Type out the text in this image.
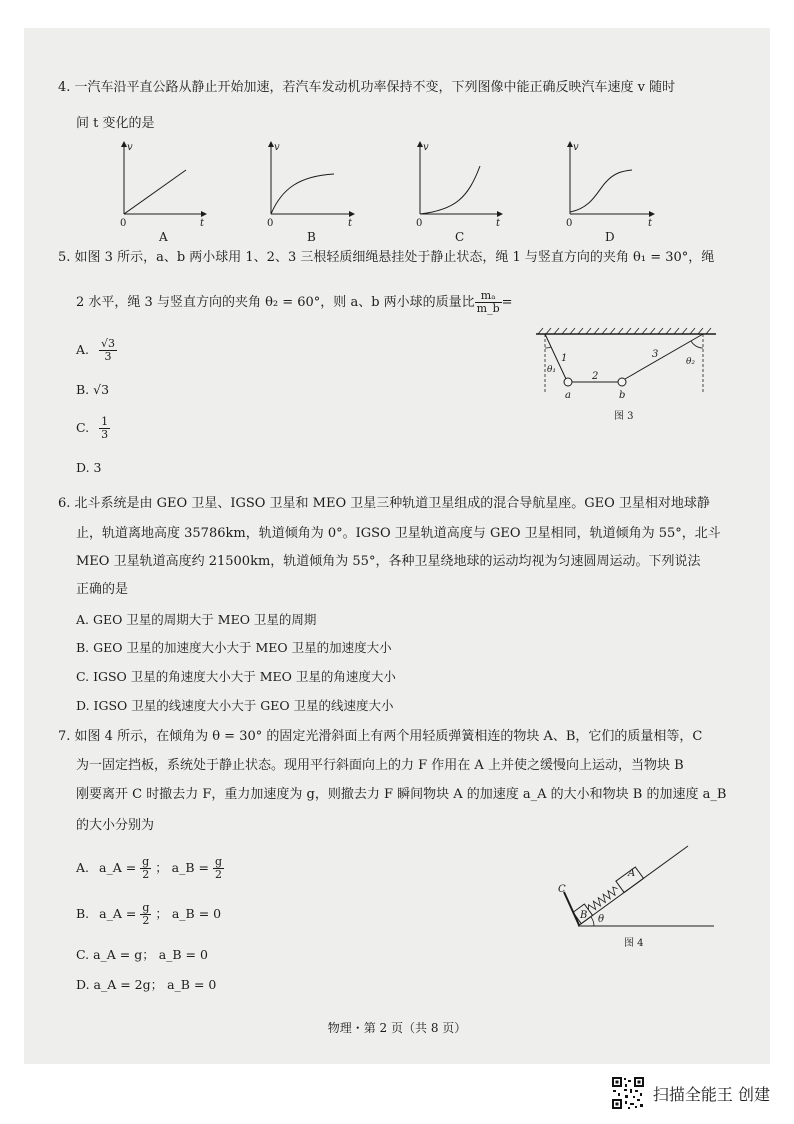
4. 一汽车沿平直公路从静止开始加速，若汽车发动机功率保持不变，下列图像中能正确反映汽车速度 v 随时
间 t 变化的是
v
t
v
t
v
t
v
t
0	0	0	0
A	B	C	D
5. 如图 3 所示，a、b 两小球用 1、2、3 三根轻质细绳悬挂处于静止状态，绳 1 与竖直方向的夹角 θ₁ = 30°，绳
2 水平，绳 3 与竖直方向的夹角 θ₂ = 60°，则 a、b 两小球的质量比 $\frac{\text{mₐ}}{m\_b}$ =
A. $\frac{√3}{3}$
B. √3
C. $\frac{1}{3}$
D. 3
1
2
3
θ₁
θ₂
a	b
图 3
6. 北斗系统是由 GEO 卫星、IGSO 卫星和 MEO 卫星三种轨道卫星组成的混合导航星座。GEO 卫星相对地球静
止，轨道离地高度 35786km，轨道倾角为 0°。IGSO 卫星轨道高度与 GEO 卫星相同，轨道倾角为 55°，北斗
MEO 卫星轨道高度约 21500km，轨道倾角为 55°，各种卫星绕地球的运动均视为匀速圆周运动。下列说法
正确的是
A. GEO 卫星的周期大于 MEO 卫星的周期
B. GEO 卫星的加速度大小大于 MEO 卫星的加速度大小
C. IGSO 卫星的角速度大小大于 MEO 卫星的角速度大小
D. IGSO 卫星的线速度大小大于 GEO 卫星的线速度大小
7. 如图 4 所示，在倾角为 θ = 30° 的固定光滑斜面上有两个用轻质弹簧相连的物块 A、B，它们的质量相等，C
为一固定挡板，系统处于静止状态。现用平行斜面向上的力 F 作用在 A 上并使之缓慢向上运动，当物块 B
刚要离开 C 时撤去力 F，重力加速度为 g，则撤去力 F 瞬间物块 A 的加速度 a_A 的大小和物块 B 的加速度 a_B
的大小分别为
A. a_A = $\frac{g}{2}$ ； a_B = $\frac{g}{2}$
B. a_A = $\frac{g}{2}$ ； a_B = 0
C. a_A = g； a_B = 0
D. a_A = 2g； a_B = 0
A
B
C
θ
图 4
物理・第 2 页（共 8 页）
扫描全能王 创建
